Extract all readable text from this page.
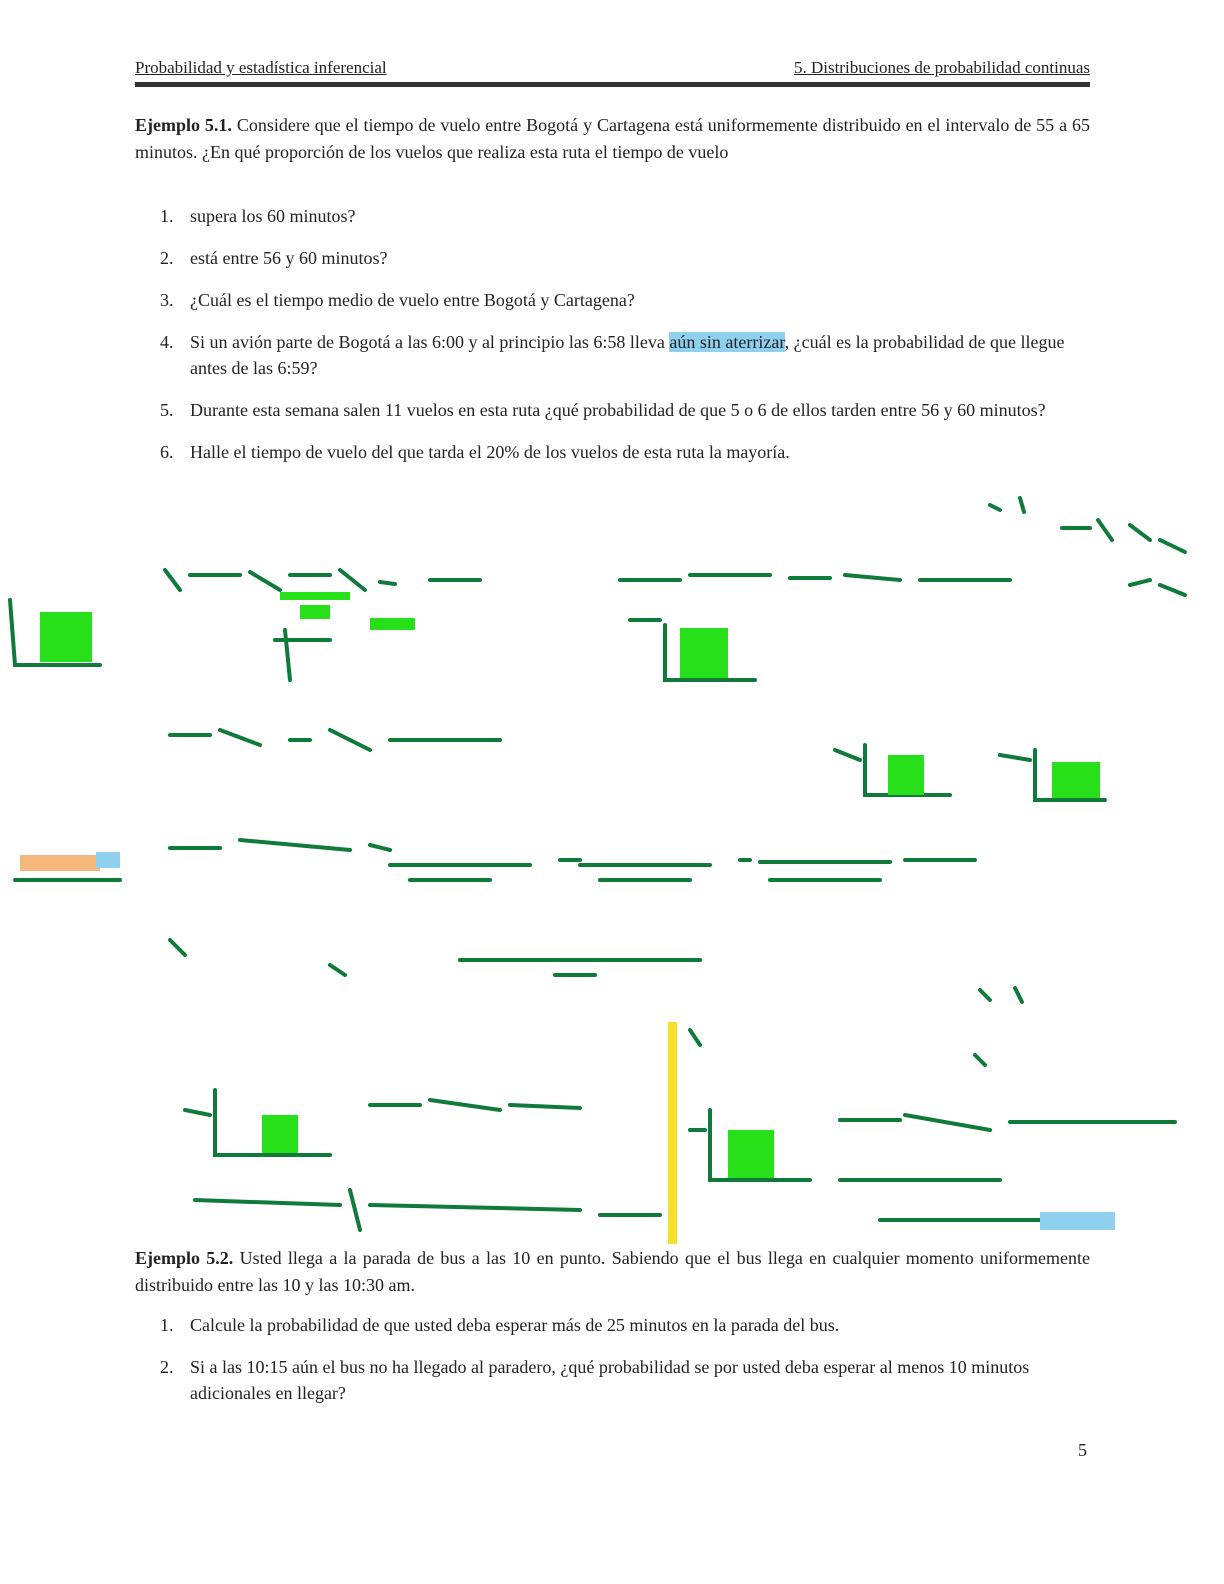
Probabilidad y estadística inferencial	5. Distribuciones de probabilidad continuas
Ejemplo 5.1. Considere que el tiempo de vuelo entre Bogotá y Cartagena está uniformemente distribuido en el intervalo de 55 a 65 minutos. ¿En qué proporción de los vuelos que realiza esta ruta el tiempo de vuelo
1. supera los 60 minutos?
2. está entre 56 y 60 minutos?
3. ¿Cuál es el tiempo medio de vuelo entre Bogotá y Cartagena?
4. Si un avión parte de Bogotá a las 6:00 y al principio las 6:58 lleva aún sin aterrizar, ¿cuál es la probabilidad de que llegue antes de las 6:59?
5. Durante esta semana salen 11 vuelos en esta ruta ¿qué probabilidad de que 5 o 6 de ellos tarden entre 56 y 60 minutos?
6. Halle el tiempo de vuelo del que tarda el 20% de los vuelos de esta ruta la mayoría.
Ejemplo 5.2. Usted llega a la parada de bus a las 10 en punto. Sabiendo que el bus llega en cualquier momento uniformemente distribuido entre las 10 y las 10:30 am.
1. Calcule la probabilidad de que usted deba esperar más de 25 minutos en la parada del bus.
2. Si a las 10:15 aún el bus no ha llegado al paradero, ¿qué probabilidad se por usted deba esperar al menos 10 minutos adicionales en llegar?
5
